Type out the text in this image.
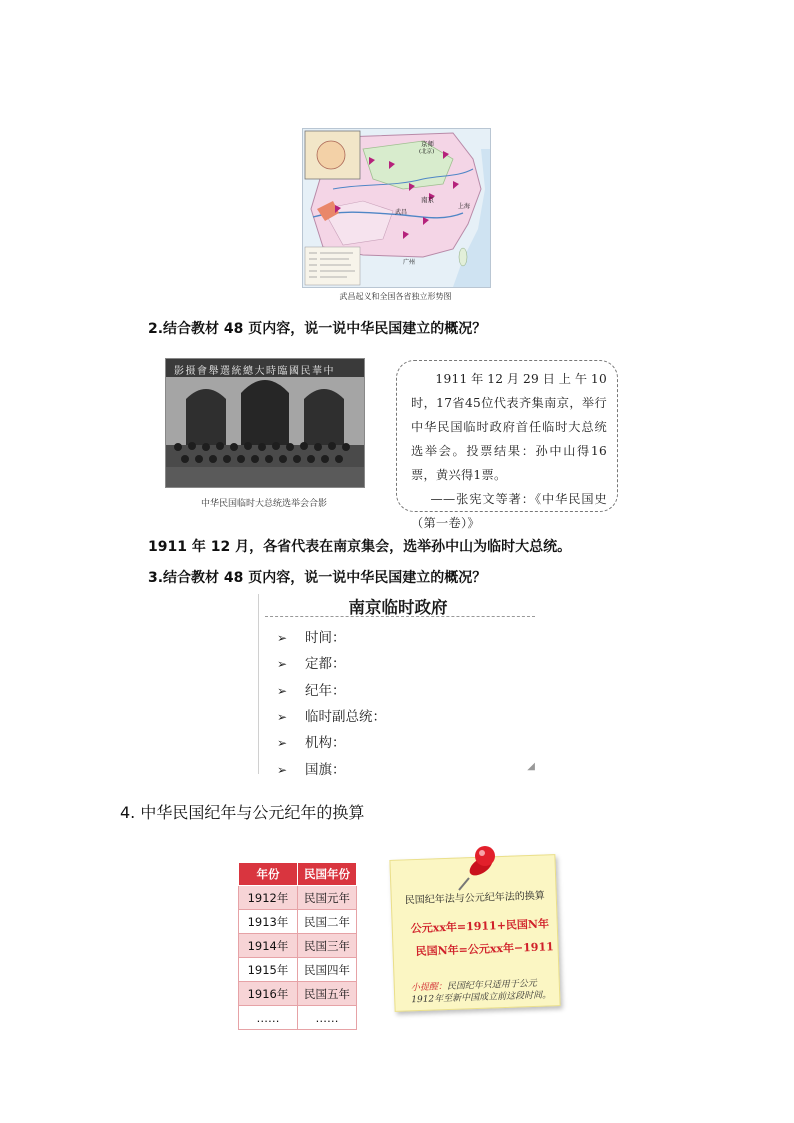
京师
(北京)
南京
上海
武昌
广州
武昌起义和全国各省独立形势图
2.结合教材 48 页内容，说一说中华民国建立的概况？
影摄會舉選統總大時臨國民華中
中华民国临时大总统选举会合影

1911年12月29日上午10 时，17省45位代表齐集南京，举行中华民国临时政府首任临时大总统选举会。投票结果：孙中山得16票，黄兴得1票。

——张宪文等著：《中华民国史（第一卷）》

1911 年 12 月，各省代表在南京集会，选举孙中山为临时大总统。
3.结合教材 48 页内容，说一说中华民国建立的概况？
南京临时政府
➢ 时间：
➢ 定都：
➢ 纪年：
➢ 临时副总统：
➢ 机构：
➢ 国旗：	◢
4. 中华民国纪年与公元纪年的换算
年份	民国年份
1912年	民国元年
1913年	民国二年
1914年	民国三年
1915年	民国四年
1916年	民国五年
……	……
民国纪年法与公元纪年法的换算
公元xx年=1911+民国N年
民国N年=公元xx年−1911
小提醒：民国纪年只适用于公元1912年至新中国成立前这段时间。
